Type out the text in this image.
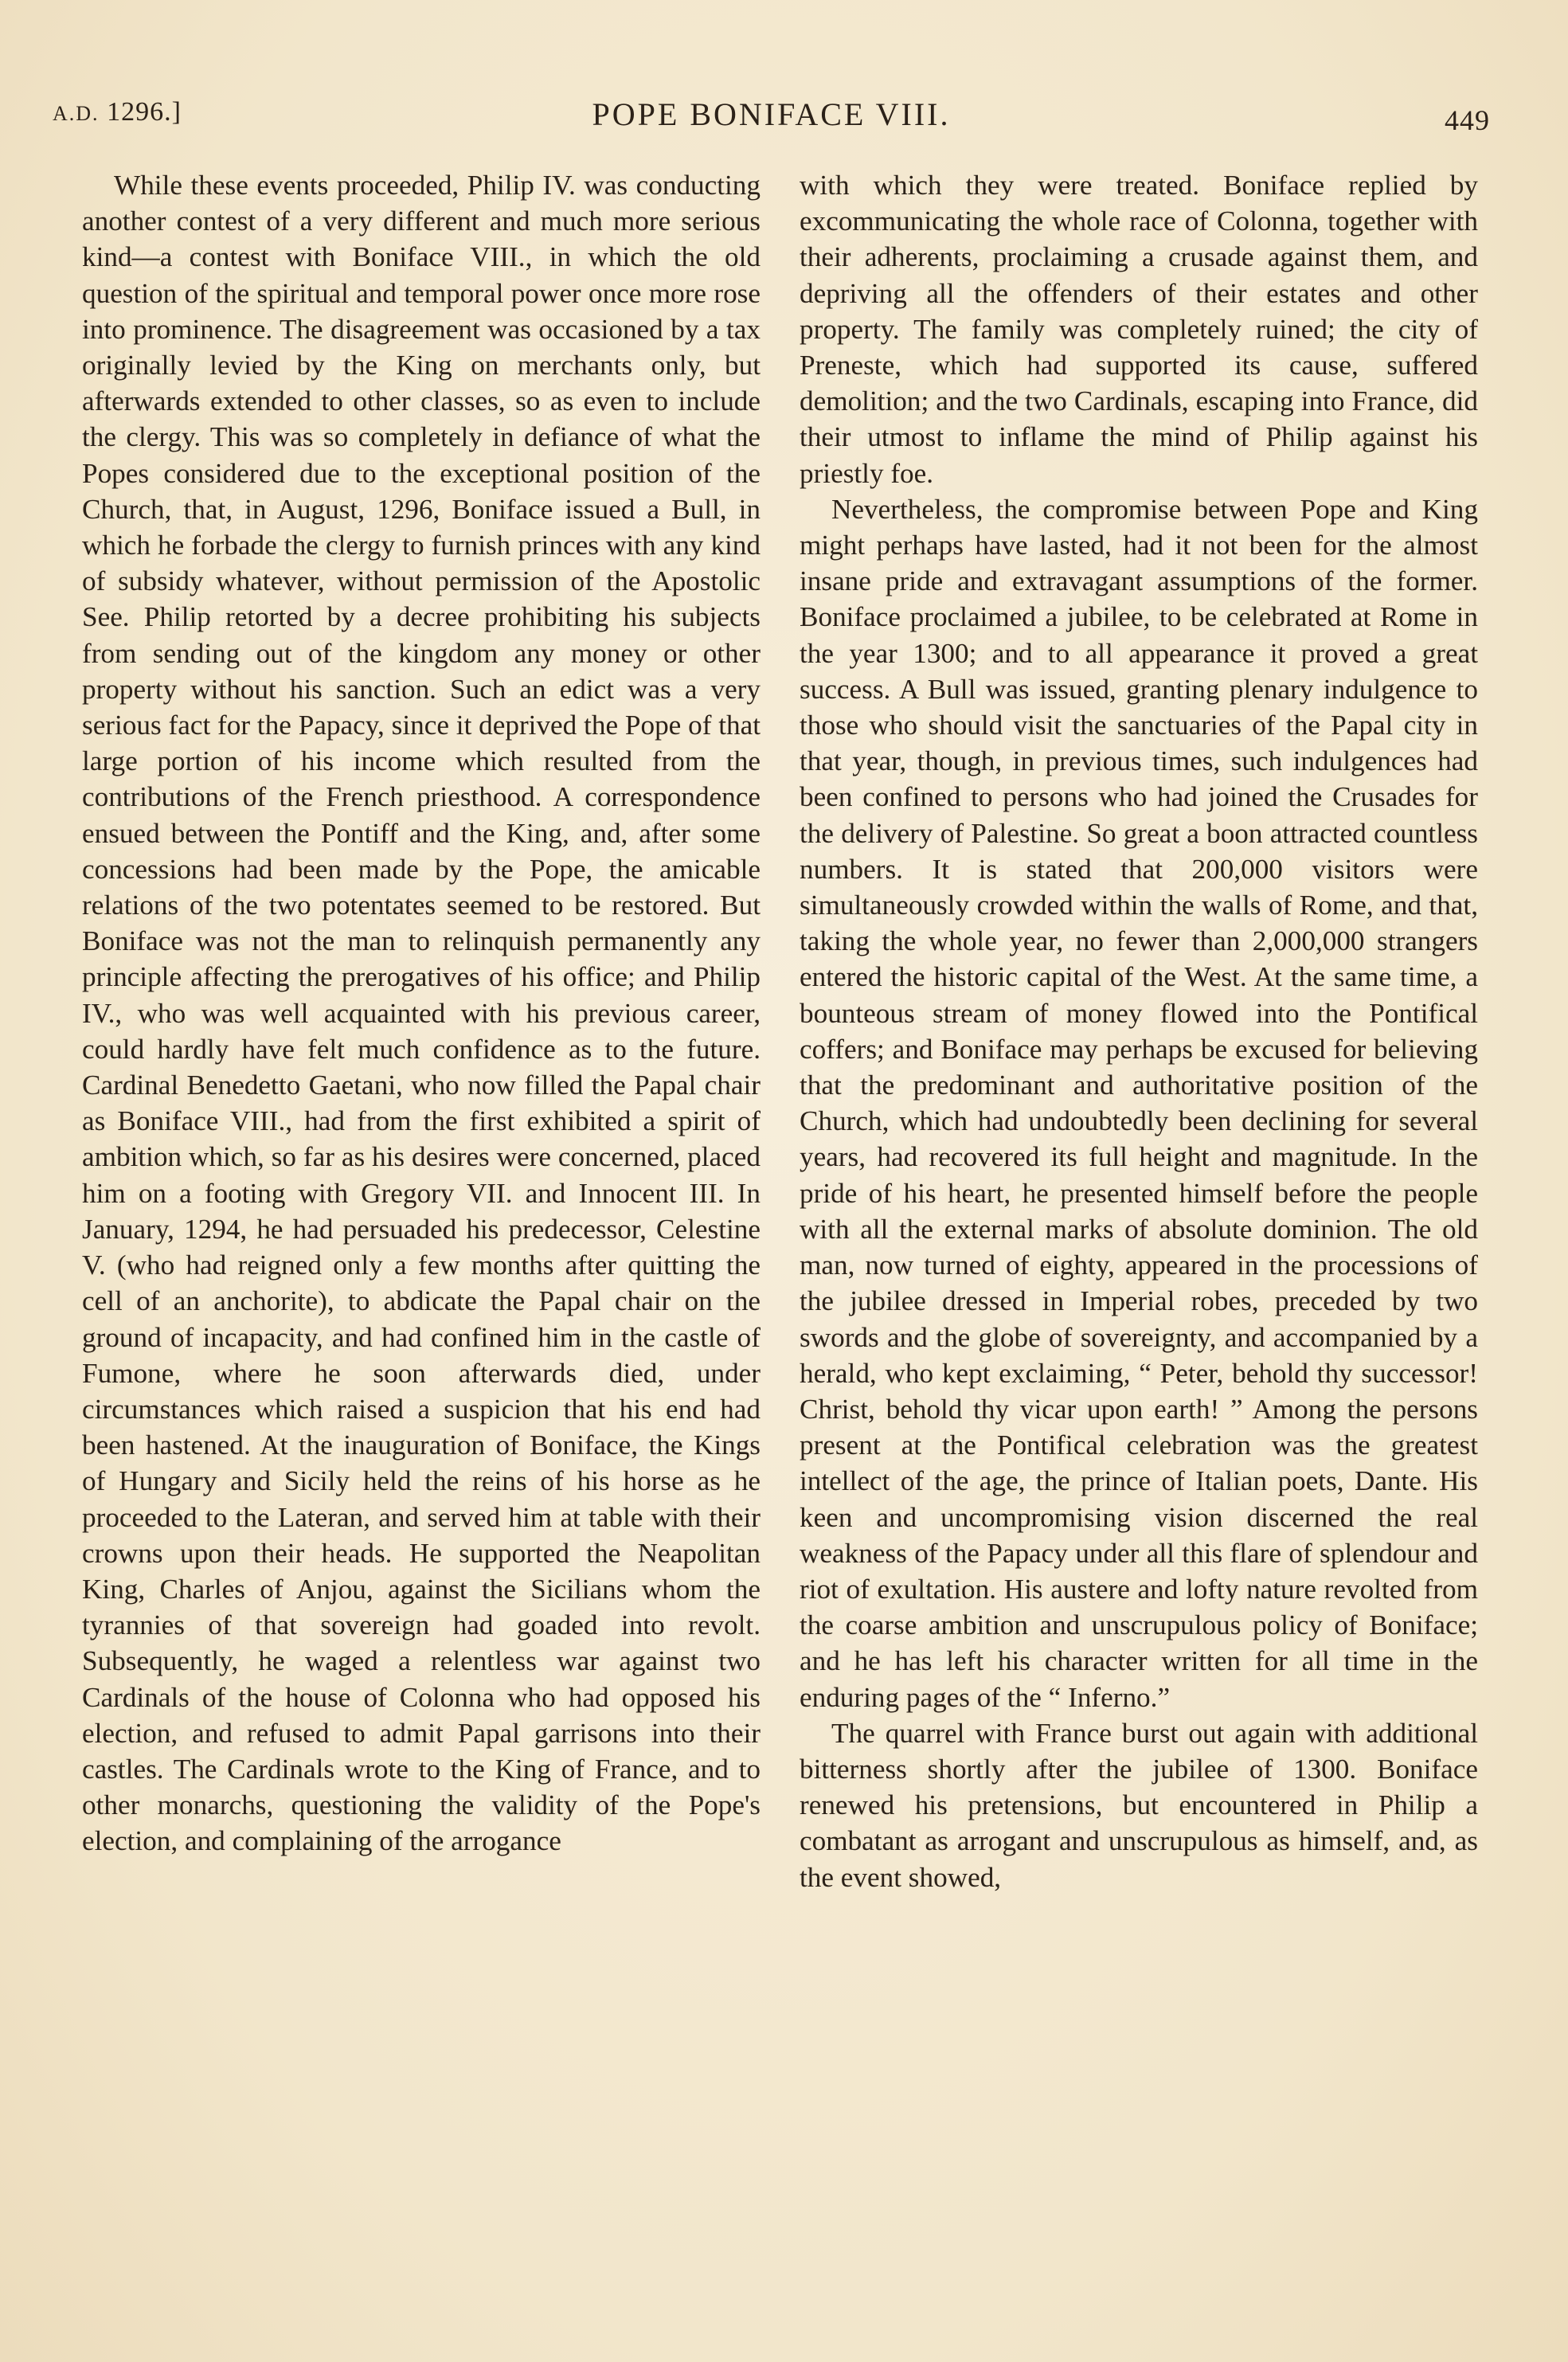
A.D. 1296.]	POPE BONIFACE VIII.	449

While these events proceeded, Philip IV. was conducting another contest of a very different and much more serious kind—a contest with Boniface VIII., in which the old question of the spiritual and temporal power once more rose into prominence. The disagreement was occasioned by a tax originally levied by the King on merchants only, but afterwards extended to other classes, so as even to include the clergy. This was so completely in defiance of what the Popes considered due to the exceptional position of the Church, that, in August, 1296, Boniface issued a Bull, in which he forbade the clergy to furnish princes with any kind of subsidy whatever, without permission of the Apostolic See. Philip retorted by a decree prohibiting his subjects from sending out of the kingdom any money or other property without his sanction. Such an edict was a very serious fact for the Papacy, since it deprived the Pope of that large portion of his income which resulted from the contributions of the French priesthood. A correspondence ensued between the Pontiff and the King, and, after some concessions had been made by the Pope, the amicable relations of the two potentates seemed to be restored. But Boniface was not the man to relinquish permanently any principle affecting the prerogatives of his office; and Philip IV., who was well acquainted with his previous career, could hardly have felt much confidence as to the future. Cardinal Benedetto Gaetani, who now filled the Papal chair as Boniface VIII., had from the first exhibited a spirit of ambition which, so far as his desires were concerned, placed him on a footing with Gregory VII. and Innocent III. In January, 1294, he had persuaded his predecessor, Celestine V. (who had reigned only a few months after quitting the cell of an anchorite), to abdicate the Papal chair on the ground of incapacity, and had confined him in the castle of Fumone, where he soon afterwards died, under circumstances which raised a suspicion that his end had been hastened. At the inauguration of Boniface, the Kings of Hungary and Sicily held the reins of his horse as he proceeded to the Lateran, and served him at table with their crowns upon their heads. He supported the Neapolitan King, Charles of Anjou, against the Sicilians whom the tyrannies of that sovereign had goaded into revolt. Subsequently, he waged a relentless war against two Cardinals of the house of Colonna who had opposed his election, and refused to admit Papal garrisons into their castles. The Cardinals wrote to the King of France, and to other monarchs, questioning the validity of the Pope's election, and complaining of the arrogance

with which they were treated. Boniface replied by excommunicating the whole race of Colonna, together with their adherents, proclaiming a crusade against them, and depriving all the offenders of their estates and other property. The family was completely ruined; the city of Preneste, which had supported its cause, suffered demolition; and the two Cardinals, escaping into France, did their utmost to inflame the mind of Philip against his priestly foe.

Nevertheless, the compromise between Pope and King might perhaps have lasted, had it not been for the almost insane pride and extravagant assumptions of the former. Boniface proclaimed a jubilee, to be celebrated at Rome in the year 1300; and to all appearance it proved a great success. A Bull was issued, granting plenary indulgence to those who should visit the sanctuaries of the Papal city in that year, though, in previous times, such indulgences had been confined to persons who had joined the Crusades for the delivery of Palestine. So great a boon attracted countless numbers. It is stated that 200,000 visitors were simultaneously crowded within the walls of Rome, and that, taking the whole year, no fewer than 2,000,000 strangers entered the historic capital of the West. At the same time, a bounteous stream of money flowed into the Pontifical coffers; and Boniface may perhaps be excused for believing that the predominant and authoritative position of the Church, which had undoubtedly been declining for several years, had recovered its full height and magnitude. In the pride of his heart, he presented himself before the people with all the external marks of absolute dominion. The old man, now turned of eighty, appeared in the processions of the jubilee dressed in Imperial robes, preceded by two swords and the globe of sovereignty, and accompanied by a herald, who kept exclaiming, “ Peter, behold thy successor! Christ, behold thy vicar upon earth! ” Among the persons present at the Pontifical celebration was the greatest intellect of the age, the prince of Italian poets, Dante. His keen and uncompromising vision discerned the real weakness of the Papacy under all this flare of splendour and riot of exultation. His austere and lofty nature revolted from the coarse ambition and unscrupulous policy of Boniface; and he has left his character written for all time in the enduring pages of the “ Inferno.”

The quarrel with France burst out again with additional bitterness shortly after the jubilee of 1300. Boniface renewed his pretensions, but encountered in Philip a combatant as arrogant and unscrupulous as himself, and, as the event showed,
